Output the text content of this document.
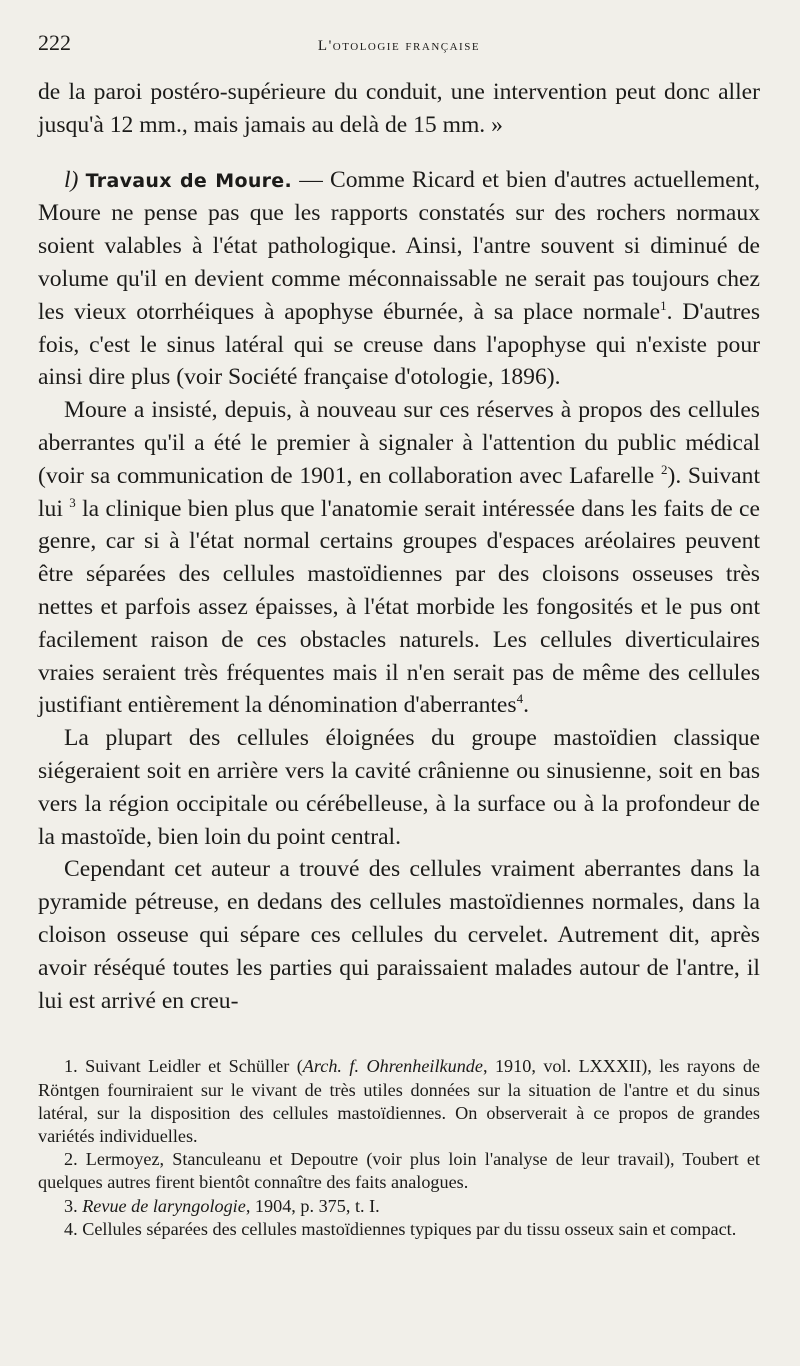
222	L'otologie française

de la paroi postéro-supérieure du conduit, une intervention peut donc aller jusqu'à 12 mm., mais jamais au delà de 15 mm. »

l) Travaux de Moure. — Comme Ricard et bien d'autres actuellement, Moure ne pense pas que les rapports constatés sur des rochers normaux soient valables à l'état pathologique. Ainsi, l'antre souvent si diminué de volume qu'il en devient comme méconnaissable ne serait pas toujours chez les vieux otorrhéiques à apophyse éburnée, à sa place normale$^1$. D'autres fois, c'est le sinus latéral qui se creuse dans l'apophyse qui n'existe pour ainsi dire plus (voir Société française d'otologie, 1896).

Moure a insisté, depuis, à nouveau sur ces réserves à propos des cellules aberrantes qu'il a été le premier à signaler à l'attention du public médical (voir sa communication de 1901, en collaboration avec Lafarelle $^2$). Suivant lui $^3$ la clinique bien plus que l'anatomie serait intéressée dans les faits de ce genre, car si à l'état normal certains groupes d'espaces aréolaires peuvent être séparées des cellules mastoïdiennes par des cloisons osseuses très nettes et parfois assez épaisses, à l'état morbide les fongosités et le pus ont facilement raison de ces obstacles naturels. Les cellules diverticulaires vraies seraient très fréquentes mais il n'en serait pas de même des cellules justifiant entièrement la dénomination d'aberrantes$^4$.

La plupart des cellules éloignées du groupe mastoïdien classique siégeraient soit en arrière vers la cavité crânienne ou sinusienne, soit en bas vers la région occipitale ou cérébelleuse, à la surface ou à la profondeur de la mastoïde, bien loin du point central.

Cependant cet auteur a trouvé des cellules vraiment aberrantes dans la pyramide pétreuse, en dedans des cellules mastoïdiennes normales, dans la cloison osseuse qui sépare ces cellules du cervelet. Autrement dit, après avoir réséqué toutes les parties qui paraissaient malades autour de l'antre, il lui est arrivé en creu-

1. Suivant Leidler et Schüller (Arch. f. Ohrenheilkunde, 1910, vol. LXXXII), les rayons de Röntgen fourniraient sur le vivant de très utiles données sur la situation de l'antre et du sinus latéral, sur la disposition des cellules mastoïdiennes. On observerait à ce propos de grandes variétés individuelles.

2. Lermoyez, Stanculeanu et Depoutre (voir plus loin l'analyse de leur travail), Toubert et quelques autres firent bientôt connaître des faits analogues.

3. Revue de laryngologie, 1904, p. 375, t. I.

4. Cellules séparées des cellules mastoïdiennes typiques par du tissu osseux sain et compact.
